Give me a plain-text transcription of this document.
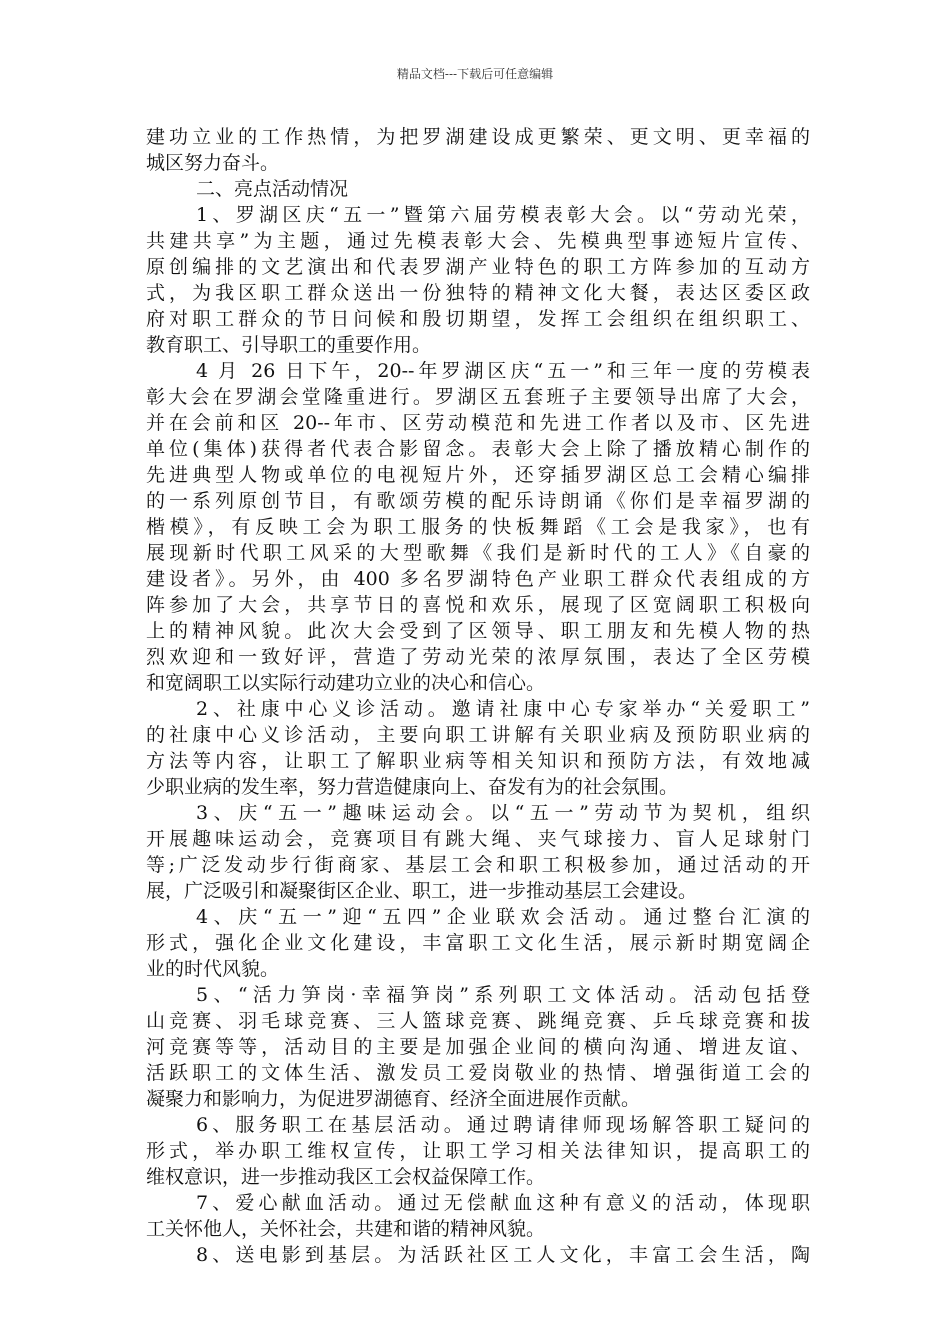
精品文档---下载后可任意编辑
建功立业的工作热情，为把罗湖建设成更繁荣、更文明、更幸福的
城区努力奋斗。
二、亮点活动情况
1、罗湖区庆“五一”暨第六届劳模表彰大会。以“劳动光荣，
共建共享”为主题，通过先模表彰大会、先模典型事迹短片宣传、
原创编排的文艺演出和代表罗湖产业特色的职工方阵参加的互动方
式，为我区职工群众送出一份独特的精神文化大餐，表达区委区政
府对职工群众的节日问候和殷切期望，发挥工会组织在组织职工、
教育职工、引导职工的重要作用。
4 月 26 日下午，20--年罗湖区庆“五一”和三年一度的劳模表
彰大会在罗湖会堂隆重进行。罗湖区五套班子主要领导出席了大会，
并在会前和区 20--年市、区劳动模范和先进工作者以及市、区先进
单位(集体)获得者代表合影留念。表彰大会上除了播放精心制作的
先进典型人物或单位的电视短片外，还穿插罗湖区总工会精心编排
的一系列原创节目，有歌颂劳模的配乐诗朗诵《你们是幸福罗湖的
楷模》，有反映工会为职工服务的快板舞蹈《工会是我家》，也有
展现新时代职工风采的大型歌舞《我们是新时代的工人》《自豪的
建设者》。另外，由 400 多名罗湖特色产业职工群众代表组成的方
阵参加了大会，共享节日的喜悦和欢乐，展现了区宽阔职工积极向
上的精神风貌。此次大会受到了区领导、职工朋友和先模人物的热
烈欢迎和一致好评，营造了劳动光荣的浓厚氛围，表达了全区劳模
和宽阔职工以实际行动建功立业的决心和信心。
2、社康中心义诊活动。邀请社康中心专家举办“关爱职工”
的社康中心义诊活动，主要向职工讲解有关职业病及预防职业病的
方法等内容，让职工了解职业病等相关知识和预防方法，有效地减
少职业病的发生率，努力营造健康向上、奋发有为的社会氛围。
3、庆“五一”趣味运动会。以“五一”劳动节为契机，组织
开展趣味运动会，竞赛项目有跳大绳、夹气球接力、盲人足球射门
等;广泛发动步行街商家、基层工会和职工积极参加，通过活动的开
展，广泛吸引和凝聚街区企业、职工，进一步推动基层工会建设。
4、庆“五一”迎“五四”企业联欢会活动。通过整台汇演的
形式，强化企业文化建设，丰富职工文化生活，展示新时期宽阔企
业的时代风貌。
5、“活力笋岗·幸福笋岗”系列职工文体活动。活动包括登
山竞赛、羽毛球竞赛、三人篮球竞赛、跳绳竞赛、乒乓球竞赛和拔
河竞赛等等，活动目的主要是加强企业间的横向沟通、增进友谊、
活跃职工的文体生活、激发员工爱岗敬业的热情、增强街道工会的
凝聚力和影响力，为促进罗湖德育、经济全面进展作贡献。
6、服务职工在基层活动。通过聘请律师现场解答职工疑问的
形式，举办职工维权宣传，让职工学习相关法律知识，提高职工的
维权意识，进一步推动我区工会权益保障工作。
7、爱心献血活动。通过无偿献血这种有意义的活动，体现职
工关怀他人，关怀社会，共建和谐的精神风貌。
8、送电影到基层。为活跃社区工人文化，丰富工会生活，陶
